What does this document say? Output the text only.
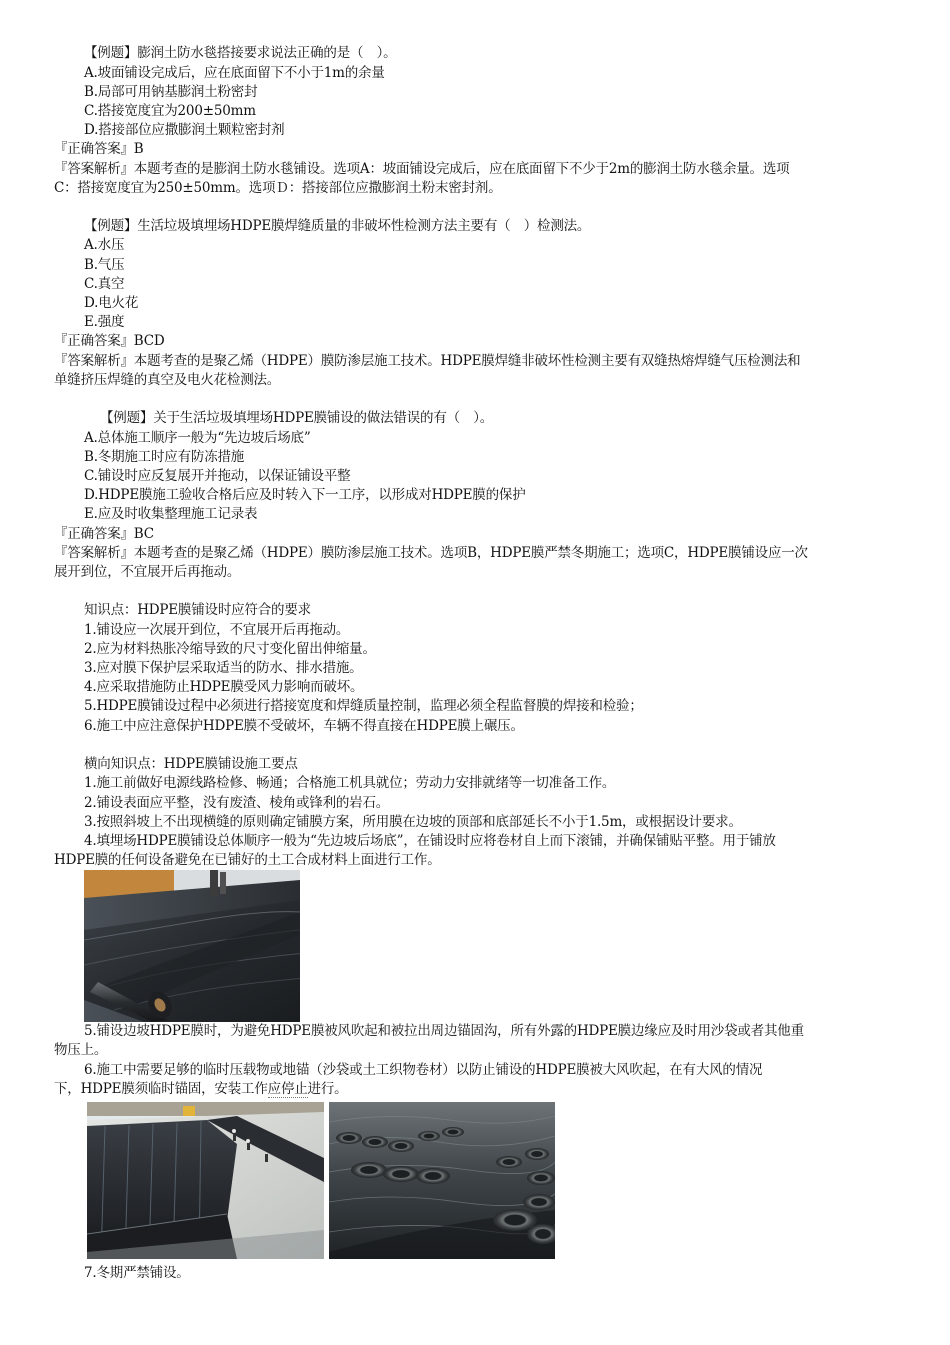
【例题】膨润土防水毯搭接要求说法正确的是（　）。
A.坡面铺设完成后，应在底面留下不小于1m的余量
B.局部可用钠基膨润土粉密封
C.搭接宽度宜为200±50mm
D.搭接部位应撒膨润土颗粒密封剂
『正确答案』B
『答案解析』本题考查的是膨润土防水毯铺设。选项A：坡面铺设完成后，应在底面留下不少于2m的膨润土防水毯余量。选项
C：搭接宽度宜为250±50mm。选项Ｄ：搭接部位应撒膨润土粉末密封剂。
【例题】生活垃圾填埋场HDPE膜焊缝质量的非破坏性检测方法主要有（　）检测法。
A.水压
B.气压
C.真空
D.电火花
E.强度
『正确答案』BCD
『答案解析』本题考查的是聚乙烯（HDPE）膜防渗层施工技术。HDPE膜焊缝非破坏性检测主要有双缝热熔焊缝气压检测法和
单缝挤压焊缝的真空及电火花检测法。
【例题】关于生活垃圾填埋场HDPE膜铺设的做法错误的有（　）。
A.总体施工顺序一般为“先边坡后场底”
B.冬期施工时应有防冻措施
C.铺设时应反复展开并拖动，以保证铺设平整
D.HDPE膜施工验收合格后应及时转入下一工序，以形成对HDPE膜的保护
E.应及时收集整理施工记录表
『正确答案』BC
『答案解析』本题考查的是聚乙烯（HDPE）膜防渗层施工技术。选项B，HDPE膜严禁冬期施工；选项C，HDPE膜铺设应一次
展开到位，不宜展开后再拖动。
知识点：HDPE膜铺设时应符合的要求
1.铺设应一次展开到位，不宜展开后再拖动。
2.应为材料热胀冷缩导致的尺寸变化留出伸缩量。
3.应对膜下保护层采取适当的防水、排水措施。
4.应采取措施防止HDPE膜受风力影响而破坏。
5.HDPE膜铺设过程中必须进行搭接宽度和焊缝质量控制，监理必须全程监督膜的焊接和检验；
6.施工中应注意保护HDPE膜不受破坏，车辆不得直接在HDPE膜上碾压。
横向知识点：HDPE膜铺设施工要点
1.施工前做好电源线路检修、畅通；合格施工机具就位；劳动力安排就绪等一切准备工作。
2.铺设表面应平整，没有废渣、棱角或锋利的岩石。
3.按照斜坡上不出现横缝的原则确定铺膜方案，所用膜在边坡的顶部和底部延长不小于1.5m，或根据设计要求。
4.填埋场HDPE膜铺设总体顺序一般为“先边坡后场底”，在铺设时应将卷材自上而下滚铺，并确保铺贴平整。用于铺放
HDPE膜的任何设备避免在已铺好的土工合成材料上面进行工作。
5.铺设边坡HDPE膜时，为避免HDPE膜被风吹起和被拉出周边锚固沟，所有外露的HDPE膜边缘应及时用沙袋或者其他重
物压上。
6.施工中需要足够的临时压载物或地锚（沙袋或土工织物卷材）以防止铺设的HDPE膜被大风吹起，在有大风的情况
下，HDPE膜须临时锚固，安装工作应停止进行。
7.冬期严禁铺设。
